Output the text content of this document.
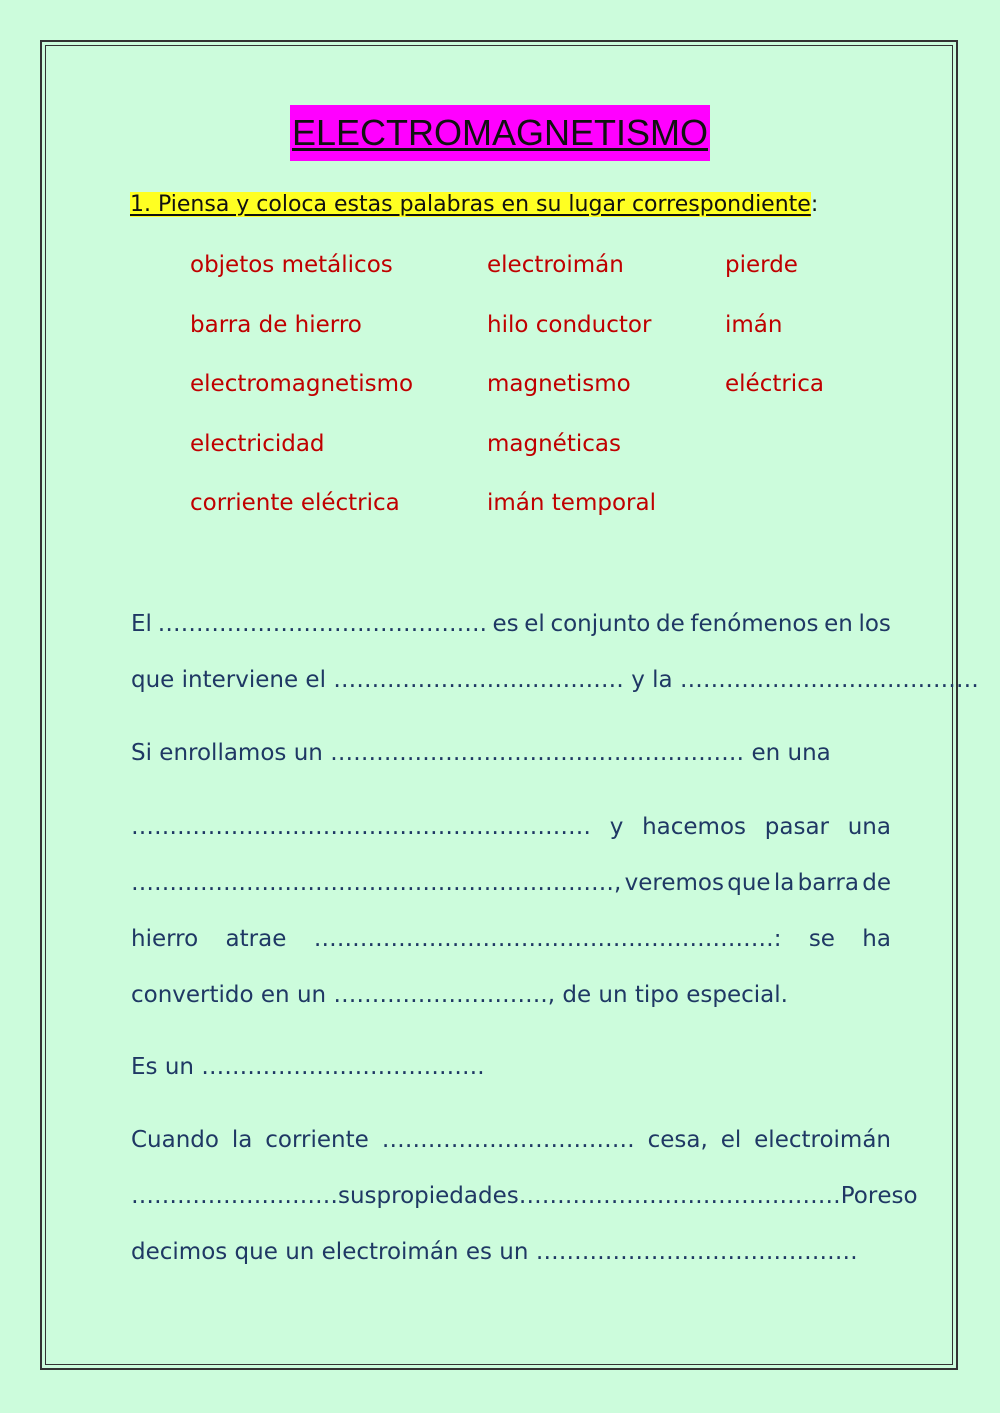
ELECTROMAGNETISMO
1. Piensa y coloca estas palabras en su lugar correspondiente:
objetos metálicos	electroimán	pierde
barra de hierro	hilo conductor	imán
electromagnetismo	magnetismo	eléctrica
electricidad	magnéticas
corriente eléctrica	imán temporal
El ……………………………………. es el conjunto de fenómenos en los
que interviene el ……………………..………… y la …………………………………
Si enrollamos un ……………………………………………… en una
…………………………………………………… y hacemos pasar una
………………………………………………………, veremos que la barra de
hierro atrae ……………………………………………………: se ha
convertido en un ………………………., de un tipo especial.
Es un ……………………………….
Cuando la corriente …………………………… cesa, el electroimán
……………………… sus propiedades …………………………………… Por eso
decimos que un electroimán es un ……………………………………
